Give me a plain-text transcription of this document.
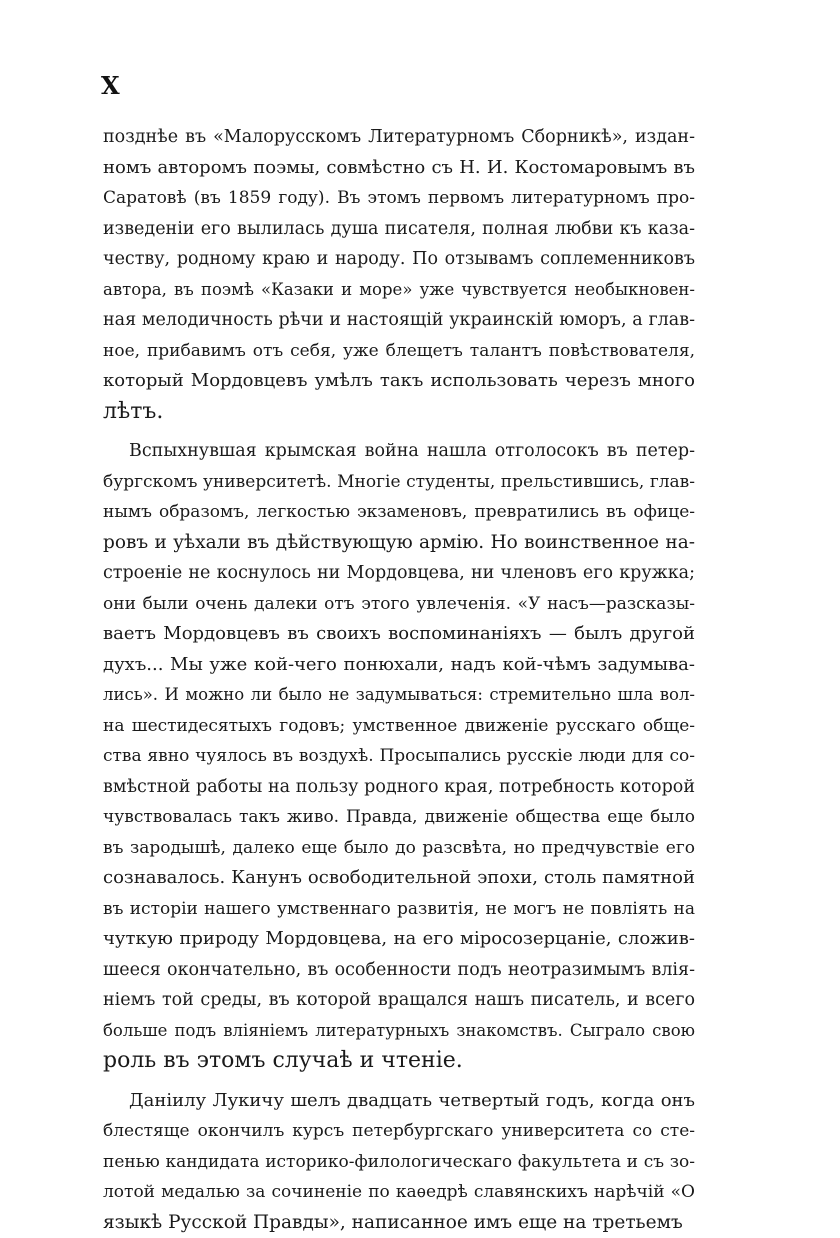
X
позднѣе въ «Малорусскомъ Литературномъ Сборникѣ», издан-
номъ авторомъ поэмы, совмѣстно съ Н. И. Костомаровымъ въ
Саратовѣ (въ 1859 году). Въ этомъ первомъ литературномъ про-
изведеніи его вылилась душа писателя, полная любви къ каза-
честву, родному краю и народу. По отзывамъ соплеменниковъ
автора, въ поэмѣ «Казаки и море» уже чувствуется необыкновен-
ная мелодичность рѣчи и настоящій украинскій юморъ, а глав-
ное, прибавимъ отъ себя, уже блещетъ талантъ повѣствователя,
который Мордовцевъ умѣлъ такъ использовать черезъ много
лѣтъ.
Вспыхнувшая крымская война нашла отголосокъ въ петер-
бургскомъ университетѣ. Многіе студенты, прельстившись, глав-
нымъ образомъ, легкостью экзаменовъ, превратились въ офице-
ровъ и уѣхали въ дѣйствующую армію. Но воинственное на-
строеніе не коснулось ни Мордовцева, ни членовъ его кружка;
они были очень далеки отъ этого увлеченія. «У насъ—разсказы-
ваетъ Мордовцевъ въ своихъ воспоминаніяхъ — былъ другой
духъ... Мы уже кой-чего понюхали, надъ кой-чѣмъ задумыва-
лись». И можно ли было не задумываться: стремительно шла вол-
на шестидесятыхъ годовъ; умственное движеніе русскаго обще-
ства явно чуялось въ воздухѣ. Просыпались русскіе люди для со-
вмѣстной работы на пользу родного края, потребность которой
чувствовалась такъ живо. Правда, движеніе общества еще было
въ зародышѣ, далеко еще было до разсвѣта, но предчувствіе его
сознавалось. Канунъ освободительной эпохи, столь памятной
въ исторіи нашего умственнаго развитія, не могъ не повліять на
чуткую природу Мордовцева, на его міросозерцаніе, сложив-
шееся окончательно, въ особенности подъ неотразимымъ влія-
ніемъ той среды, въ которой вращался нашъ писатель, и всего
больше подъ вліяніемъ литературныхъ знакомствъ. Сыграло свою
роль въ этомъ случаѣ и чтеніе.
Даніилу Лукичу шелъ двадцать четвертый годъ, когда онъ
блестяще окончилъ курсъ петербургскаго университета со сте-
пенью кандидата историко-филологическаго факультета и съ зо-
лотой медалью за сочиненіе по каѳедрѣ славянскихъ нарѣчій «О
языкѣ Русской Правды», написанное имъ еще на третьемъ
